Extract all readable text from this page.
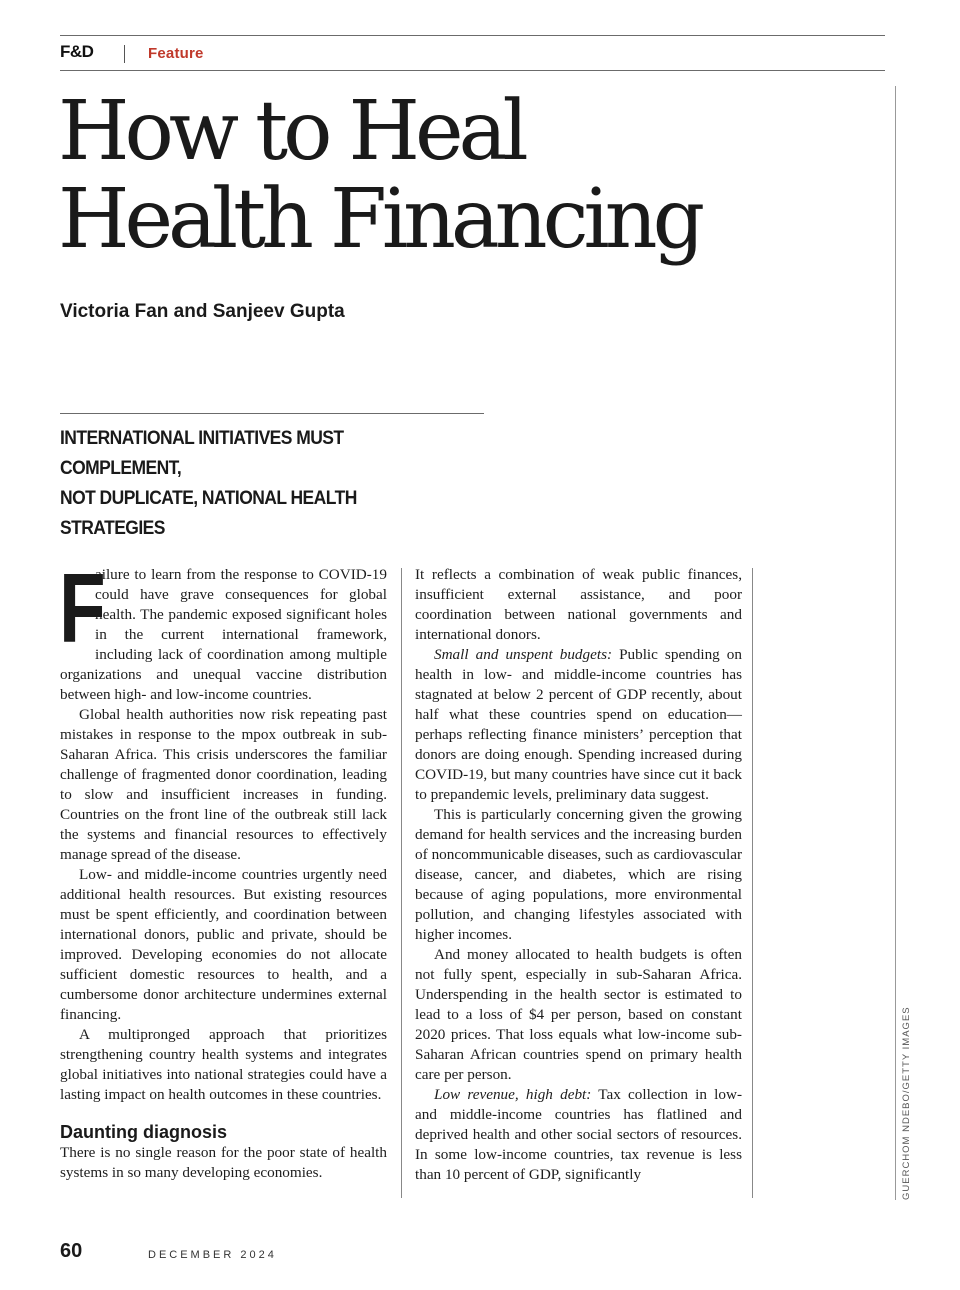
F&D	Feature
How to Heal
Health Financing
Victoria Fan and Sanjeev Gupta
INTERNATIONAL INITIATIVES MUST COMPLEMENT,
NOT DUPLICATE, NATIONAL HEALTH STRATEGIES

F
ailure to learn from the response to COVID-19 could have grave consequences for global health. The pandemic exposed significant holes in the current international framework, including lack of coordination among multiple organizations and unequal vaccine distribution between high- and low-income countries.

Global health authorities now risk repeating past mistakes in response to the mpox outbreak in sub-Saharan Africa. This crisis underscores the familiar challenge of fragmented donor coordination, leading to slow and insufficient increases in funding. Countries on the front line of the outbreak still lack the systems and financial resources to effectively manage spread of the disease.

Low- and middle-income countries urgently need additional health resources. But existing resources must be spent efficiently, and coordination between international donors, public and private, should be improved. Developing economies do not allocate sufficient domestic resources to health, and a cumbersome donor architecture undermines external financing.

A multipronged approach that prioritizes strengthening country health systems and integrates global initiatives into national strategies could have a lasting impact on health outcomes in these countries.

Daunting diagnosis

There is no single reason for the poor state of health systems in so many developing economies.

It reflects a combination of weak public finances, insufficient external assistance, and poor coordination between national governments and international donors.

Small and unspent budgets: Public spending on health in low- and middle-income countries has stagnated at below 2 percent of GDP recently, about half what these countries spend on education—perhaps reflecting finance ministers’ perception that donors are doing enough. Spending increased during COVID-19, but many countries have since cut it back to prepandemic levels, preliminary data suggest.

This is particularly concerning given the growing demand for health services and the increasing burden of noncommunicable diseases, such as cardiovascular disease, cancer, and diabetes, which are rising because of aging populations, more environmental pollution, and changing lifestyles associated with higher incomes.

And money allocated to health budgets is often not fully spent, especially in sub-Saharan Africa. Underspending in the health sector is estimated to lead to a loss of $4 per person, based on constant 2020 prices. That loss equals what low-income sub-Saharan African countries spend on primary health care per person.

Low revenue, high debt: Tax collection in low- and middle-income countries has flatlined and deprived health and other social sectors of resources. In some low-income countries, tax revenue is less than 10 percent of GDP, significantly	GUERCHOM NDEBO/GETTY IMAGES
60	DECEMBER 2024
